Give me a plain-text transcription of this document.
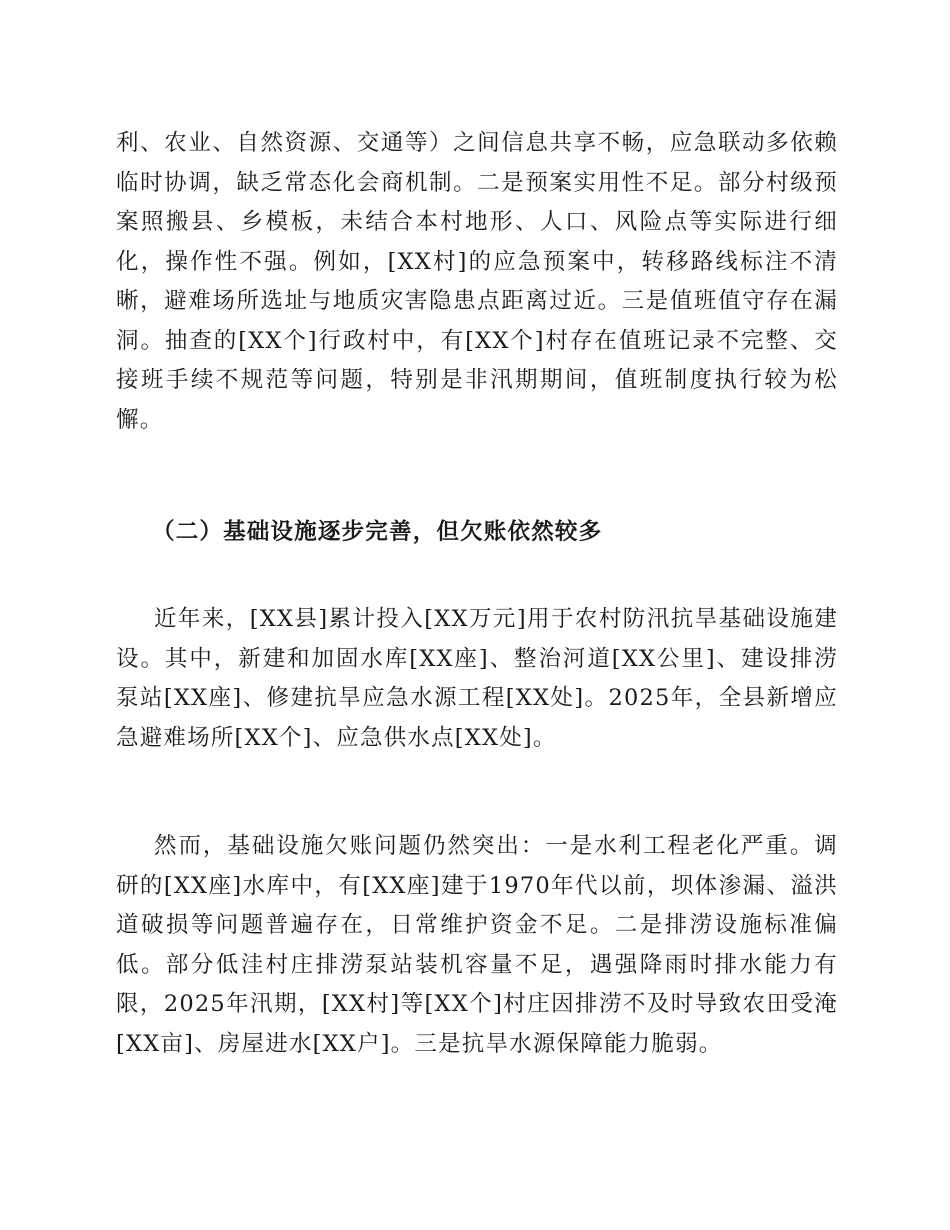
利、农业、自然资源、交通等）之间信息共享不畅，应急联动多依赖临时协调，缺乏常态化会商机制。二是预案实用性不足。部分村级预案照搬县、乡模板，未结合本村地形、人口、风险点等实际进行细化，操作性不强。例如，[XX村]的应急预案中，转移路线标注不清晰，避难场所选址与地质灾害隐患点距离过近。三是值班值守存在漏洞。抽查的[XX个]行政村中，有[XX个]村存在值班记录不完整、交接班手续不规范等问题，特别是非汛期期间，值班制度执行较为松懈。

（二）基础设施逐步完善，但欠账依然较多

近年来，[XX县]累计投入[XX万元]用于农村防汛抗旱基础设施建设。其中，新建和加固水库[XX座]、整治河道[XX公里]、建设排涝泵站[XX座]、修建抗旱应急水源工程[XX处]。2025年，全县新增应急避难场所[XX个]、应急供水点[XX处]。

然而，基础设施欠账问题仍然突出：一是水利工程老化严重。调研的[XX座]水库中，有[XX座]建于1970年代以前，坝体渗漏、溢洪道破损等问题普遍存在，日常维护资金不足。二是排涝设施标准偏低。部分低洼村庄排涝泵站装机容量不足，遇强降雨时排水能力有限，2025年汛期，[XX村]等[XX个]村庄因排涝不及时导致农田受淹[XX亩]、房屋进水[XX户]。三是抗旱水源保障能力脆弱。
